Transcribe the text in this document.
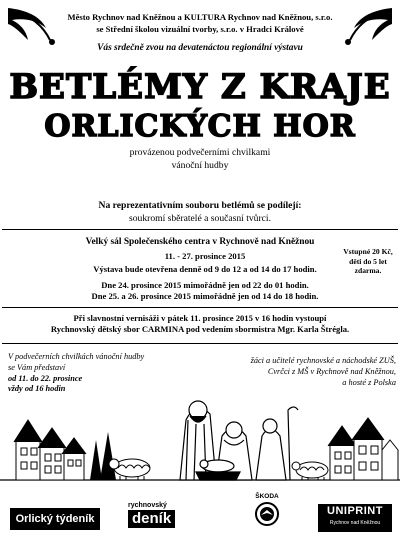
Město Rychnov nad Kněžnou a KULTURA Rychnov nad Kněžnou, s.r.o.
se Střední školou vizuální tvorby, s.r.o. v Hradci Králové
Vás srdečně zvou na devatenáctou regionální výstavu
BETLÉMY Z KRAJE
ORLICKÝCH HOR
provázenou podvečerními chvilkami
vánoční hudby
Na reprezentativním souboru betlémů se podílejí:
soukromí sběratelé a současní tvůrci.
Velký sál Společenského centra v Rychnově nad Kněžnou
11. - 27. prosince 2015
Výstava bude otevřena denně od 9 do 12 a od 14 do 17 hodin.
Dne 24. prosince 2015 mimořádně jen od 22 do 01 hodin.
Dne 25. a 26. prosince 2015 mimořádně jen od 14 do 18 hodin.
Vstupné 20 Kč,
děti do 5 let
zdarma.
Při slavnostní vernisáži v pátek 11. prosince 2015 v 16 hodin vystoupí
Rychnovský dětský sbor CARMINA pod vedením sbormistra Mgr. Karla Štrégla.
V podvečerních chvilkách vánoční hudby
se Vám představí
od 11. do 22. prosince
vždy od 16 hodin
žáci a učitelé rychnovské a náchodské ZUŠ,
Cvrčci z MŠ v Rychnově nad Kněžnou,
a hosté z Polska
Orlický týdeník
rychnovský
deník
ŠKODA
UNIPRINT
Rychnov nad Kněžnou
